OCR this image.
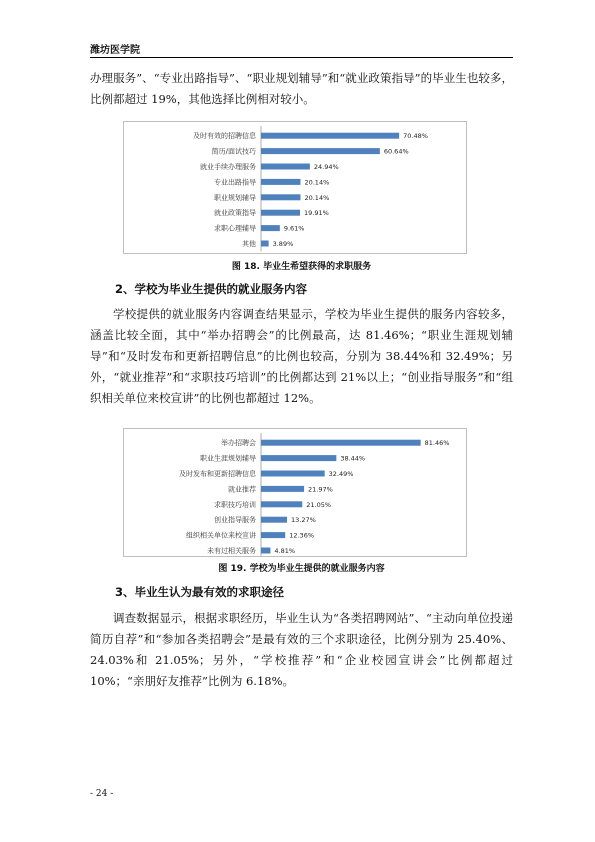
潍坊医学院

办理服务”、“专业出路指导”、“职业规划辅导”和“就业政策指导”的毕业生也较多，比例都超过 19%，其他选择比例相对较小。

及时有效的招聘信息	70.48%
简历/面试技巧	60.64%
就业手续办理服务	24.94%
专业出路指导	20.14%
职业规划辅导	20.14%
就业政策指导	19.91%
求职心理辅导	9.61%
其他	3.89%
图 18. 毕业生希望获得的求职服务
2、学校为毕业生提供的就业服务内容

学校提供的就业服务内容调查结果显示，学校为毕业生提供的服务内容较多，涵盖比较全面，其中“举办招聘会”的比例最高，达 81.46%；“职业生涯规划辅导”和“及时发布和更新招聘信息”的比例也较高，分别为 38.44%和 32.49%；另外，“就业推荐”和“求职技巧培训”的比例都达到 21%以上；“创业指导服务”和“组织相关单位来校宣讲”的比例也都超过 12%。

举办招聘会	81.46%
职业生涯规划辅导	38.44%
及时发布和更新招聘信息	32.49%
就业推荐	21.97%
求职技巧培训	21.05%
创业指导服务	13.27%
组织相关单位来校宣讲	12.36%
未有过相关服务	4.81%
图 19. 学校为毕业生提供的就业服务内容
3、毕业生认为最有效的求职途径

调查数据显示，根据求职经历，毕业生认为“各类招聘网站”、“主动向单位投递简历自荐”和“参加各类招聘会”是最有效的三个求职途径，比例分别为 25.40%、24.03%和 21.05%；另外，“学校推荐”和“企业校园宣讲会”比例都超过 10%；“亲朋好友推荐”比例为 6.18%。

- 24 -
